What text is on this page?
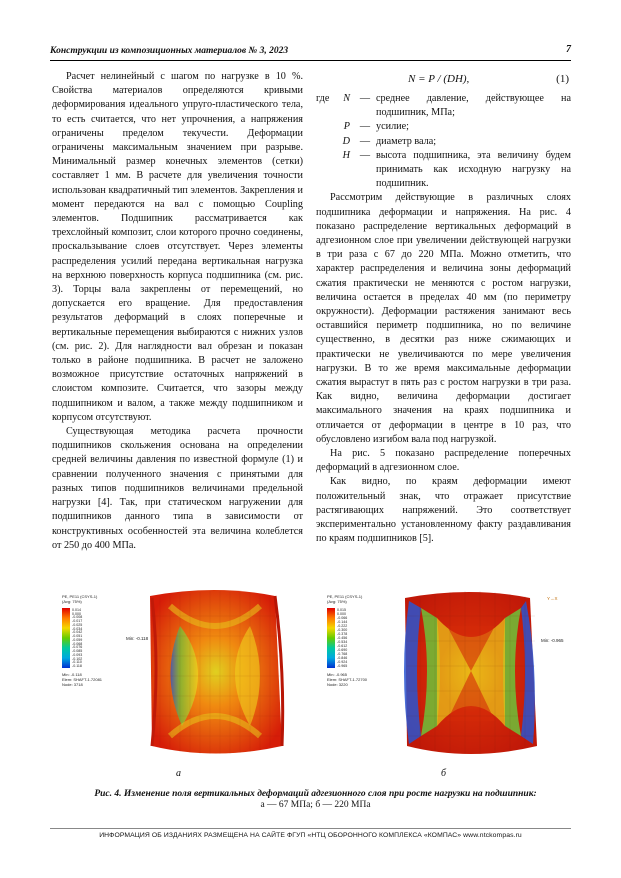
Конструкции из композиционных материалов № 3, 2023	7

Расчет нелинейный с шагом по нагрузке в 10 %. Свойства материалов определяются кривыми деформирования идеального упруго-пластического тела, то есть считается, что нет упрочнения, а напряжения ограничены пределом текучести. Деформации ограничены максимальным значением при разрыве. Минимальный размер конечных элементов (сетки) составляет 1 мм. В расчете для увеличения точности использован квадратичный тип элементов. Закрепления и момент передаются на вал с помощью Coupling элементов. Подшипник рассматривается как трехслойный композит, слои которого прочно соединены, проскальзывание слоев отсутствует. Через элементы распределения усилий передана вертикальная нагрузка на верхнюю поверхность корпуса подшипника (см. рис. 3). Торцы вала закреплены от перемещений, но допускается его вращение. Для предоставления результатов деформаций в слоях поперечные и вертикальные перемещения выбираются с нижних узлов (см. рис. 2). Для наглядности вал обрезан и показан только в районе подшипника. В расчет не заложено возможное присутствие остаточных напряжений в слоистом композите. Считается, что зазоры между подшипником и валом, а также между подшипником и корпусом отсутствуют.

Существующая методика расчета прочности подшипников скольжения основана на определении средней величины давления по известной формуле (1) и сравнении полученного значения с принятыми для разных типов подшипников величинами предельной нагрузки [4]. Так, при статическом нагружении для подшипников данного типа в зависимости от конструктивных особенностей эта величина колеблется от 250 до 400 МПа.

N = P / (DH),	(1)
где	N — среднее давление, действующее на подшипник, МПа;
P — усилие;
D — диаметр вала;
H — высота подшипника, эта величину будем принимать как исходную нагрузку на подшипник.

Рассмотрим действующие в различных слоях подшипника деформации и напряжения. На рис. 4 показано распределение вертикальных деформаций в адгезионном слое при увеличении действующей нагрузки в три раза с 67 до 220 МПа. Можно отметить, что характер распределения и величина зоны деформаций сжатия практически не меняются с ростом нагрузки, величина остается в пределах 40 мм (по периметру окружности). Деформации растяжения занимают весь оставшийся периметр подшипника, но по величине существенно, в десятки раз ниже сжимающих и практически не увеличиваются по мере увеличения нагрузки. В то же время максимальные деформации сжатия вырастут в пять раз с ростом нагрузки в три раза. Как видно, величина деформации достигает максимального значения на краях подшипника и отличается от деформации в центре в 10 раз, что обусловлено изгибом вала под нагрузкой.

На рис. 5 показано распределение поперечных деформаций в адгезионном слое.

Как видно, по краям деформации имеют положительный знак, что отражает присутствие растягивающих напряжений. Это соответствует экспериментально установленному факту раздавливания по краям подшипников [5].

PE, PE11 (CSYS-1)
(Avg: 75%)
Min: -0.118
Elem: SHAFT-1.72081
Node: 3718
Min: -0.118
а
0.014
0.000
-0.008
-0.017
-0.025
-0.034
-0.042
-0.051
-0.059
-0.068
-0.076
-0.085
-0.093
-0.102
-0.110
-0.118
PE, PE11 (CSYS-1)
(Avg: 75%)
Min: -0.965
Elem: SHAFT-1.72700
Node: 3220
Min: -0.965
Y→X
б
0.015
0.000
-0.066
-0.144
-0.222
-0.300
-0.378
-0.456
-0.534
-0.612
-0.690
-0.768
-0.846
-0.924
-0.965
Рис. 4. Изменение поля вертикальных деформаций адгезионного слоя при росте нагрузки на подшипник:
а — 67 МПа; б — 220 МПа
ИНФОРМАЦИЯ ОБ ИЗДАНИЯХ РАЗМЕЩЕНА НА САЙТЕ ФГУП «НТЦ ОБОРОННОГО КОМПЛЕКСА «КОМПАС» www.ntckompas.ru
